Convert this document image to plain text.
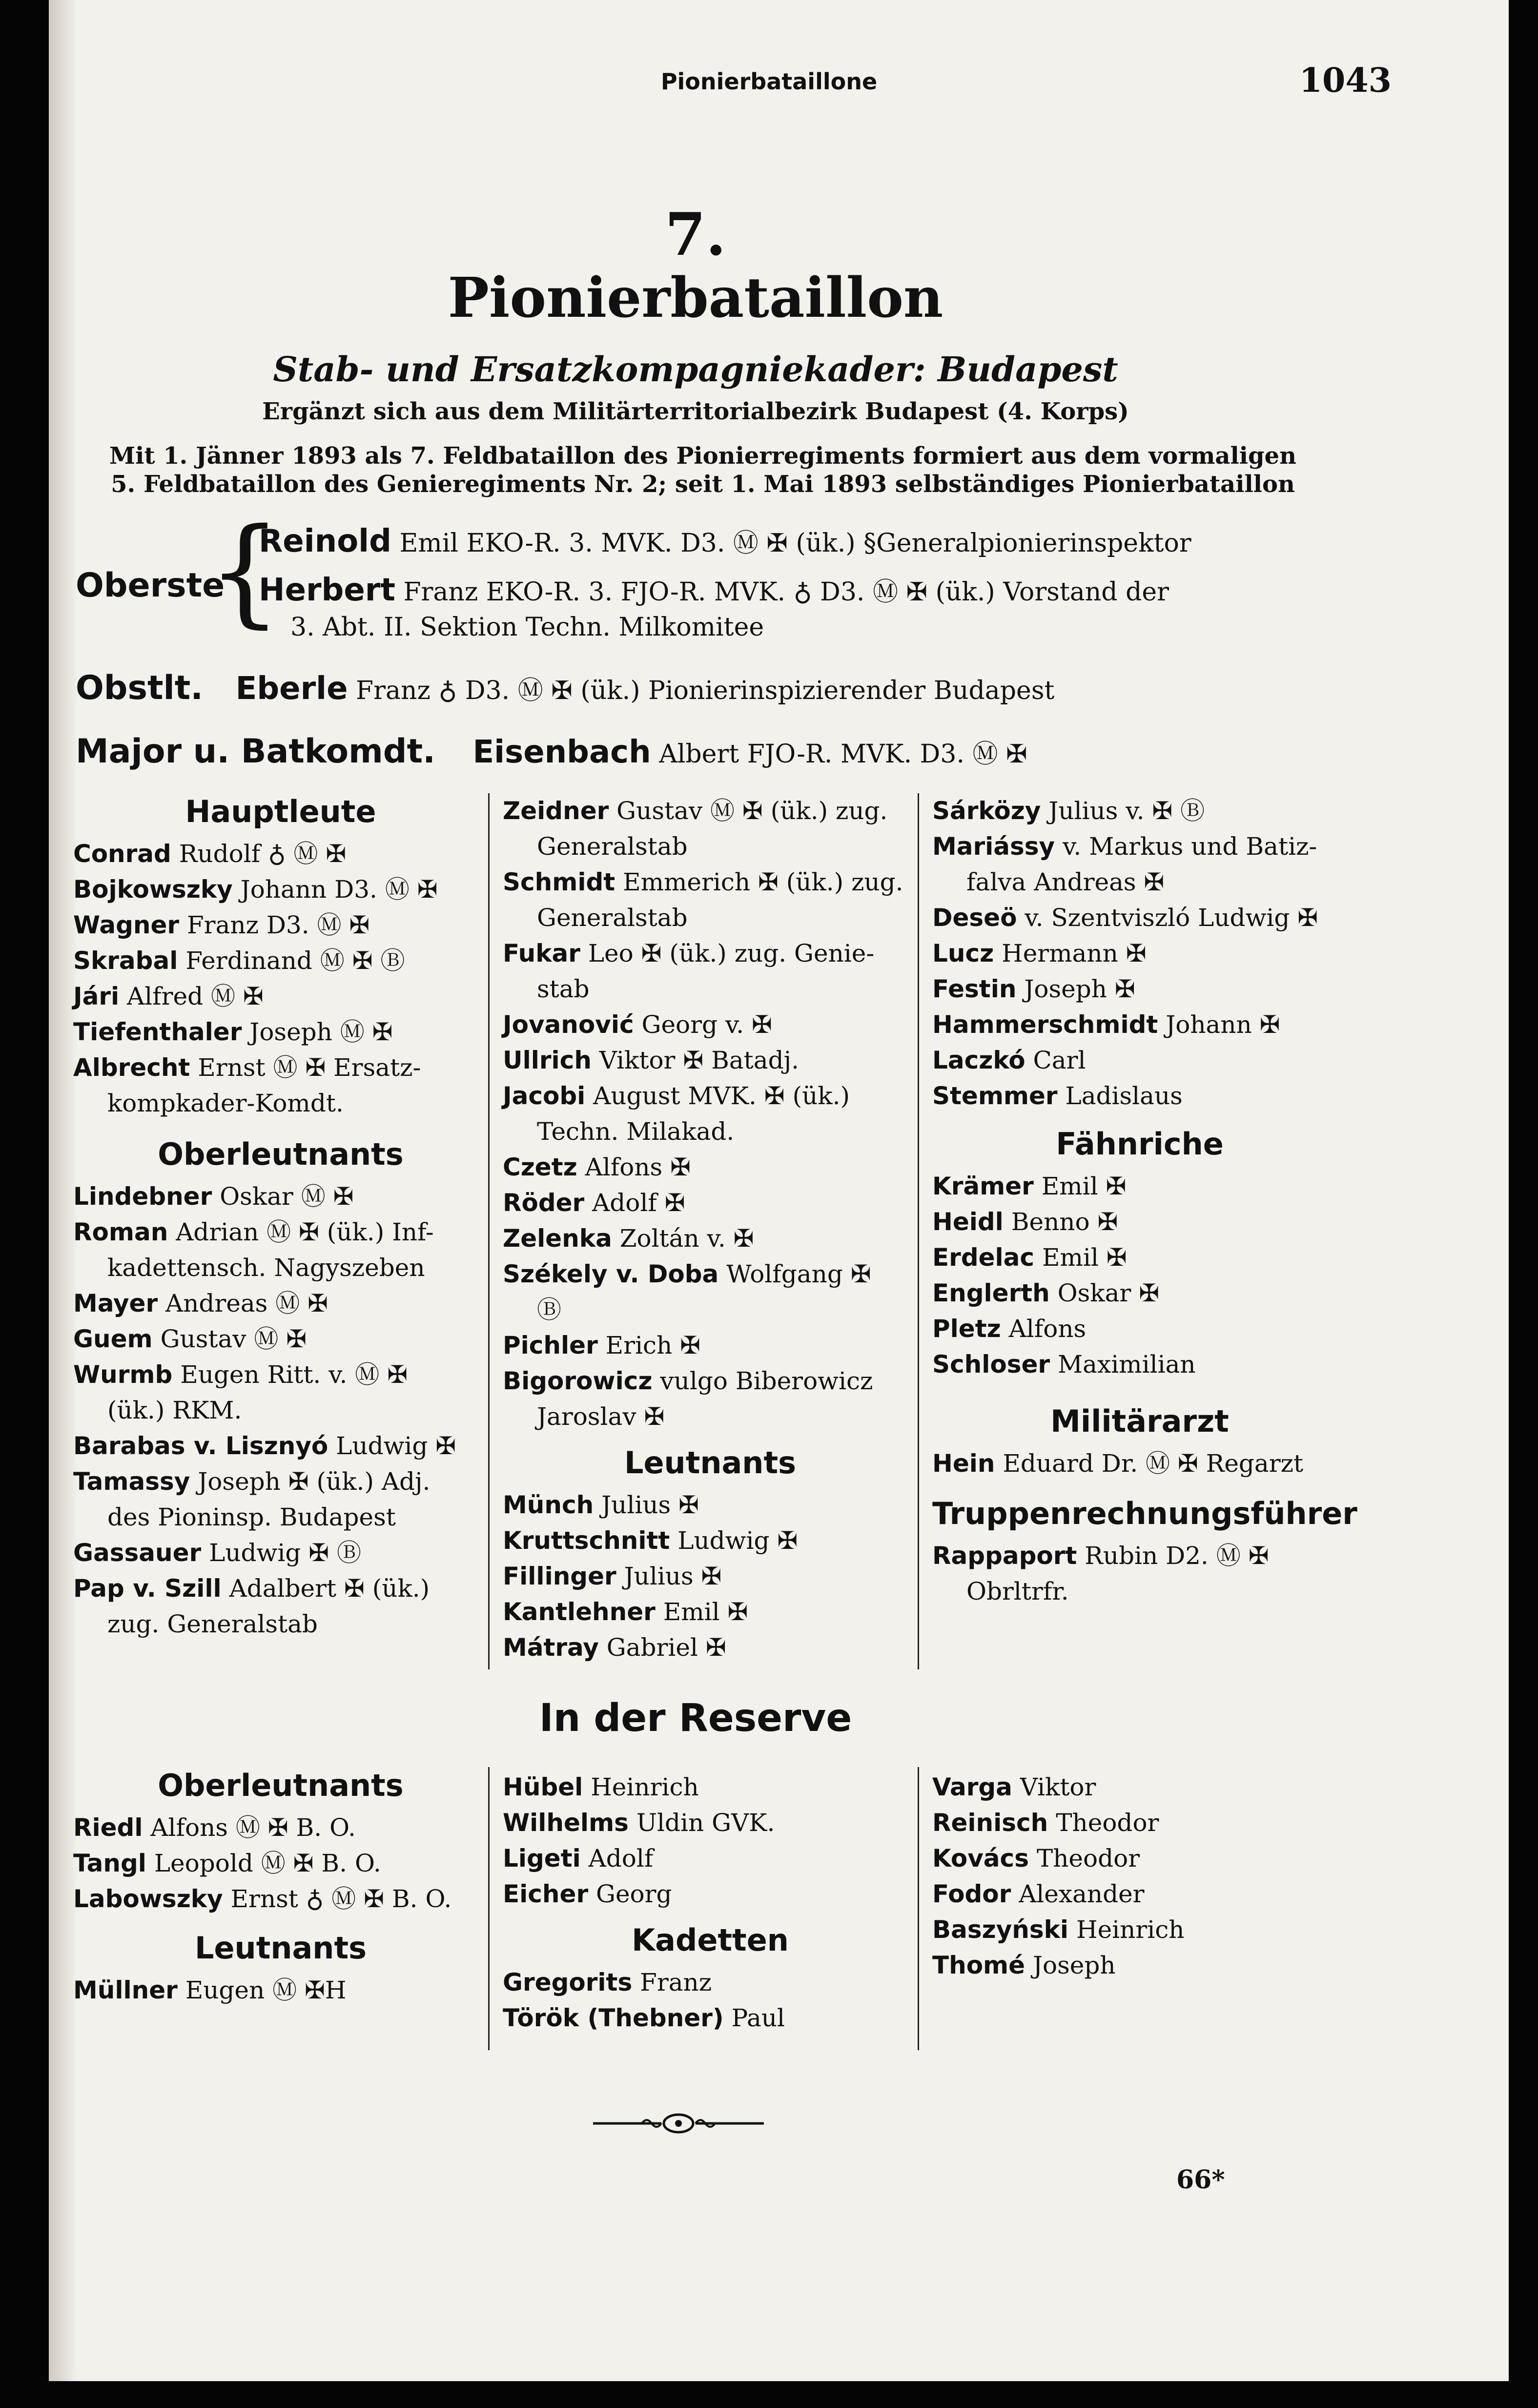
Pionierbataillone	1043
7.
Pionierbataillon
Stab- und Ersatzkompagniekader: Budapest
Ergänzt sich aus dem Militärterritorialbezirk Budapest (4. Korps)
Mit 1. Jänner 1893 als 7. Feldbataillon des Pionierregiments formiert aus dem vormaligen
5. Feldbataillon des Genieregiments Nr. 2; seit 1. Mai 1893 selbständiges Pionierbataillon
Oberste
{
Reinold Emil EKO-R. 3. MVK. D3. Ⓜ ✠ (ük.) §Generalpionierinspektor
Herbert Franz EKO-R. 3. FJO-R. MVK. ♁ D3. Ⓜ ✠ (ük.) Vorstand der
3. Abt. II. Sektion Techn. Milkomitee
Obstlt. Eberle Franz ♁ D3. Ⓜ ✠ (ük.) Pionierinspizierender Budapest
Major u. Batkomdt. Eisenbach Albert FJO-R. MVK. D3. Ⓜ ✠
Hauptleute
Conrad Rudolf ♁ Ⓜ ✠
Bojkowszky Johann D3. Ⓜ ✠
Wagner Franz D3. Ⓜ ✠
Skrabal Ferdinand Ⓜ ✠ Ⓑ
Jári Alfred Ⓜ ✠
Tiefenthaler Joseph Ⓜ ✠
Albrecht Ernst Ⓜ ✠ Ersatz-
kompkader-Komdt.
Oberleutnants
Lindebner Oskar Ⓜ ✠
Roman Adrian Ⓜ ✠ (ük.) Inf-
kadettensch. Nagyszeben
Mayer Andreas Ⓜ ✠
Guem Gustav Ⓜ ✠
Wurmb Eugen Ritt. v. Ⓜ ✠
(ük.) RKM.
Barabas v. Lisznyó Ludwig ✠
Tamassy Joseph ✠ (ük.) Adj.
des Pioninsp. Budapest
Gassauer Ludwig ✠ Ⓑ
Pap v. Szill Adalbert ✠ (ük.)
zug. Generalstab
Zeidner Gustav Ⓜ ✠ (ük.) zug.
Generalstab
Schmidt Emmerich ✠ (ük.) zug.
Generalstab
Fukar Leo ✠ (ük.) zug. Genie-
stab
Jovanović Georg v. ✠
Ullrich Viktor ✠ Batadj.
Jacobi August MVK. ✠ (ük.)
Techn. Milakad.
Czetz Alfons ✠
Röder Adolf ✠
Zelenka Zoltán v. ✠
Székely v. Doba Wolfgang ✠
Ⓑ
Pichler Erich ✠
Bigorowicz vulgo Biberowicz
Jaroslav ✠
Leutnants
Münch Julius ✠
Kruttschnitt Ludwig ✠
Fillinger Julius ✠
Kantlehner Emil ✠
Mátray Gabriel ✠
Sárközy Julius v. ✠ Ⓑ
Mariássy v. Markus und Batiz-
falva Andreas ✠
Deseö v. Szentviszló Ludwig ✠
Lucz Hermann ✠
Festin Joseph ✠
Hammerschmidt Johann ✠
Laczkó Carl
Stemmer Ladislaus
Fähnriche
Krämer Emil ✠
Heidl Benno ✠
Erdelac Emil ✠
Englerth Oskar ✠
Pletz Alfons
Schloser Maximilian
Militärarzt
Hein Eduard Dr. Ⓜ ✠ Regarzt
Truppenrechnungsführer
Rappaport Rubin D2. Ⓜ ✠
Obrltrfr.
In der Reserve
Oberleutnants
Riedl Alfons Ⓜ ✠ B. O.
Tangl Leopold Ⓜ ✠ B. O.
Labowszky Ernst ♁ Ⓜ ✠ B. O.
Leutnants
Müllner Eugen Ⓜ ✠H
Hübel Heinrich
Wilhelms Uldin GVK.
Ligeti Adolf
Eicher Georg
Kadetten
Gregorits Franz
Török (Thebner) Paul
Varga Viktor
Reinisch Theodor
Kovács Theodor
Fodor Alexander
Baszyński Heinrich
Thomé Joseph
66*
